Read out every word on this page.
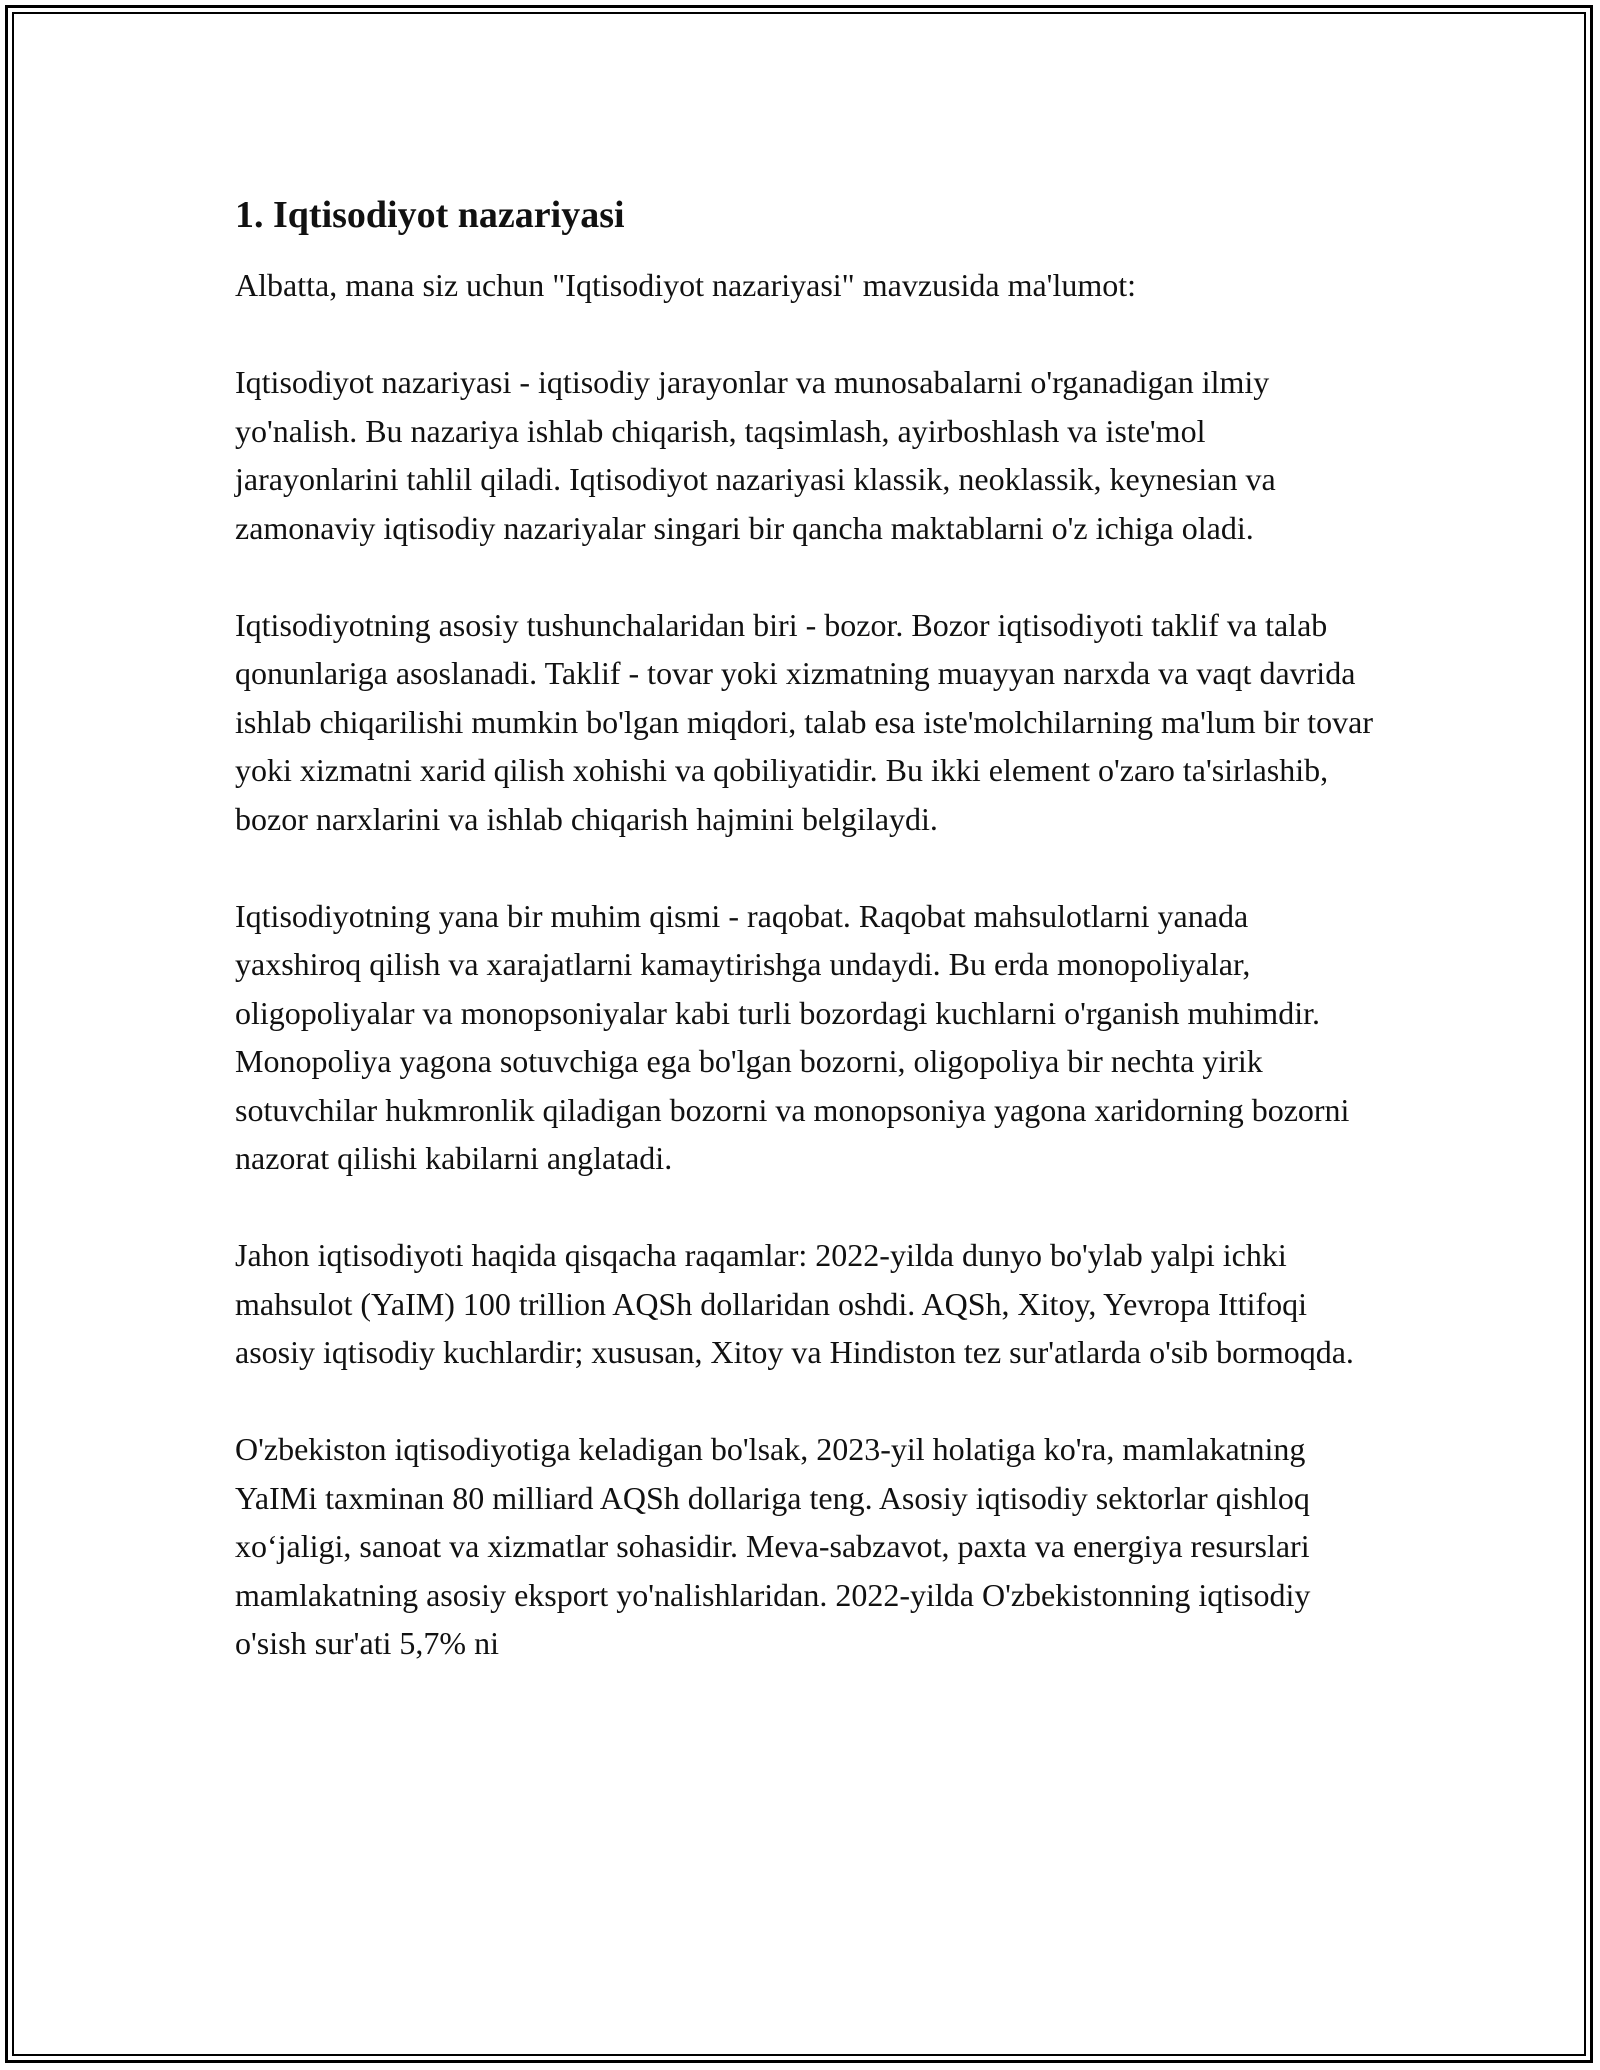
1. Iqtisodiyot nazariyasi

Albatta, mana siz uchun "Iqtisodiyot nazariyasi" mavzusida ma'lumot:

Iqtisodiyot nazariyasi - iqtisodiy jarayonlar va munosabalarni o'rganadigan ilmiy yo'nalish. Bu nazariya ishlab chiqarish, taqsimlash, ayirboshlash va iste'mol jarayonlarini tahlil qiladi. Iqtisodiyot nazariyasi klassik, neoklassik, keynesian va zamonaviy iqtisodiy nazariyalar singari bir qancha maktablarni o'z ichiga oladi.

Iqtisodiyotning asosiy tushunchalaridan biri - bozor. Bozor iqtisodiyoti taklif va talab qonunlariga asoslanadi. Taklif - tovar yoki xizmatning muayyan narxda va vaqt davrida ishlab chiqarilishi mumkin bo'lgan miqdori, talab esa iste'molchilarning ma'lum bir tovar yoki xizmatni xarid qilish xohishi va qobiliyatidir. Bu ikki element o'zaro ta'sirlashib, bozor narxlarini va ishlab chiqarish hajmini belgilaydi.

Iqtisodiyotning yana bir muhim qismi - raqobat. Raqobat mahsulotlarni yanada yaxshiroq qilish va xarajatlarni kamaytirishga undaydi. Bu erda monopoliyalar, oligopoliyalar va monopsoniyalar kabi turli bozordagi kuchlarni o'rganish muhimdir. Monopoliya yagona sotuvchiga ega bo'lgan bozorni, oligopoliya bir nechta yirik sotuvchilar hukmronlik qiladigan bozorni va monopsoniya yagona xaridorning bozorni nazorat qilishi kabilarni anglatadi.

Jahon iqtisodiyoti haqida qisqacha raqamlar: 2022-yilda dunyo bo'ylab yalpi ichki mahsulot (YaIM) 100 trillion AQSh dollaridan oshdi. AQSh, Xitoy, Yevropa Ittifoqi asosiy iqtisodiy kuchlardir; xususan, Xitoy va Hindiston tez sur'atlarda o'sib bormoqda.

O'zbekiston iqtisodiyotiga keladigan bo'lsak, 2023-yil holatiga ko'ra, mamlakatning YaIMi taxminan 80 milliard AQSh dollariga teng. Asosiy iqtisodiy sektorlar qishloq xo‘jaligi, sanoat va xizmatlar sohasidir. Meva-sabzavot, paxta va energiya resurslari mamlakatning asosiy eksport yo'nalishlaridan. 2022-yilda O'zbekistonning iqtisodiy o'sish sur'ati 5,7% ni
